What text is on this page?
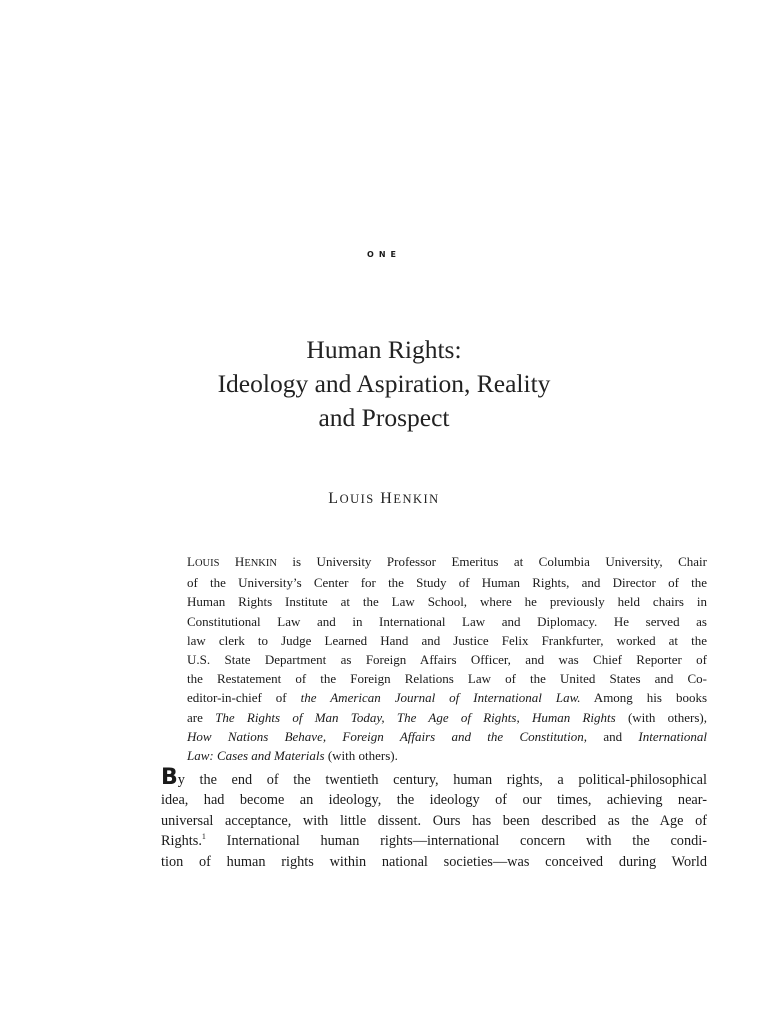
ONE
Human Rights:
Ideology and Aspiration, Reality
and Prospect
LOUIS HENKIN
LOUIS HENKIN is University Professor Emeritus at Columbia University, Chair
of the University’s Center for the Study of Human Rights, and Director of the
Human Rights Institute at the Law School, where he previously held chairs in
Constitutional Law and in International Law and Diplomacy. He served as
law clerk to Judge Learned Hand and Justice Felix Frankfurter, worked at the
U.S. State Department as Foreign Affairs Officer, and was Chief Reporter of
the Restatement of the Foreign Relations Law of the United States and Co-
editor-in-chief of the American Journal of International Law. Among his books
are The Rights of Man Today, The Age of Rights, Human Rights (with others),
How Nations Behave, Foreign Affairs and the Constitution, and International
Law: Cases and Materials (with others).
By the end of the twentieth century, human rights, a political-philosophical
idea, had become an ideology, the ideology of our times, achieving near-
universal acceptance, with little dissent. Ours has been described as the Age of
Rights.$^1$ International human rights—international concern with the condi-
tion of human rights within national societies—was conceived during World
